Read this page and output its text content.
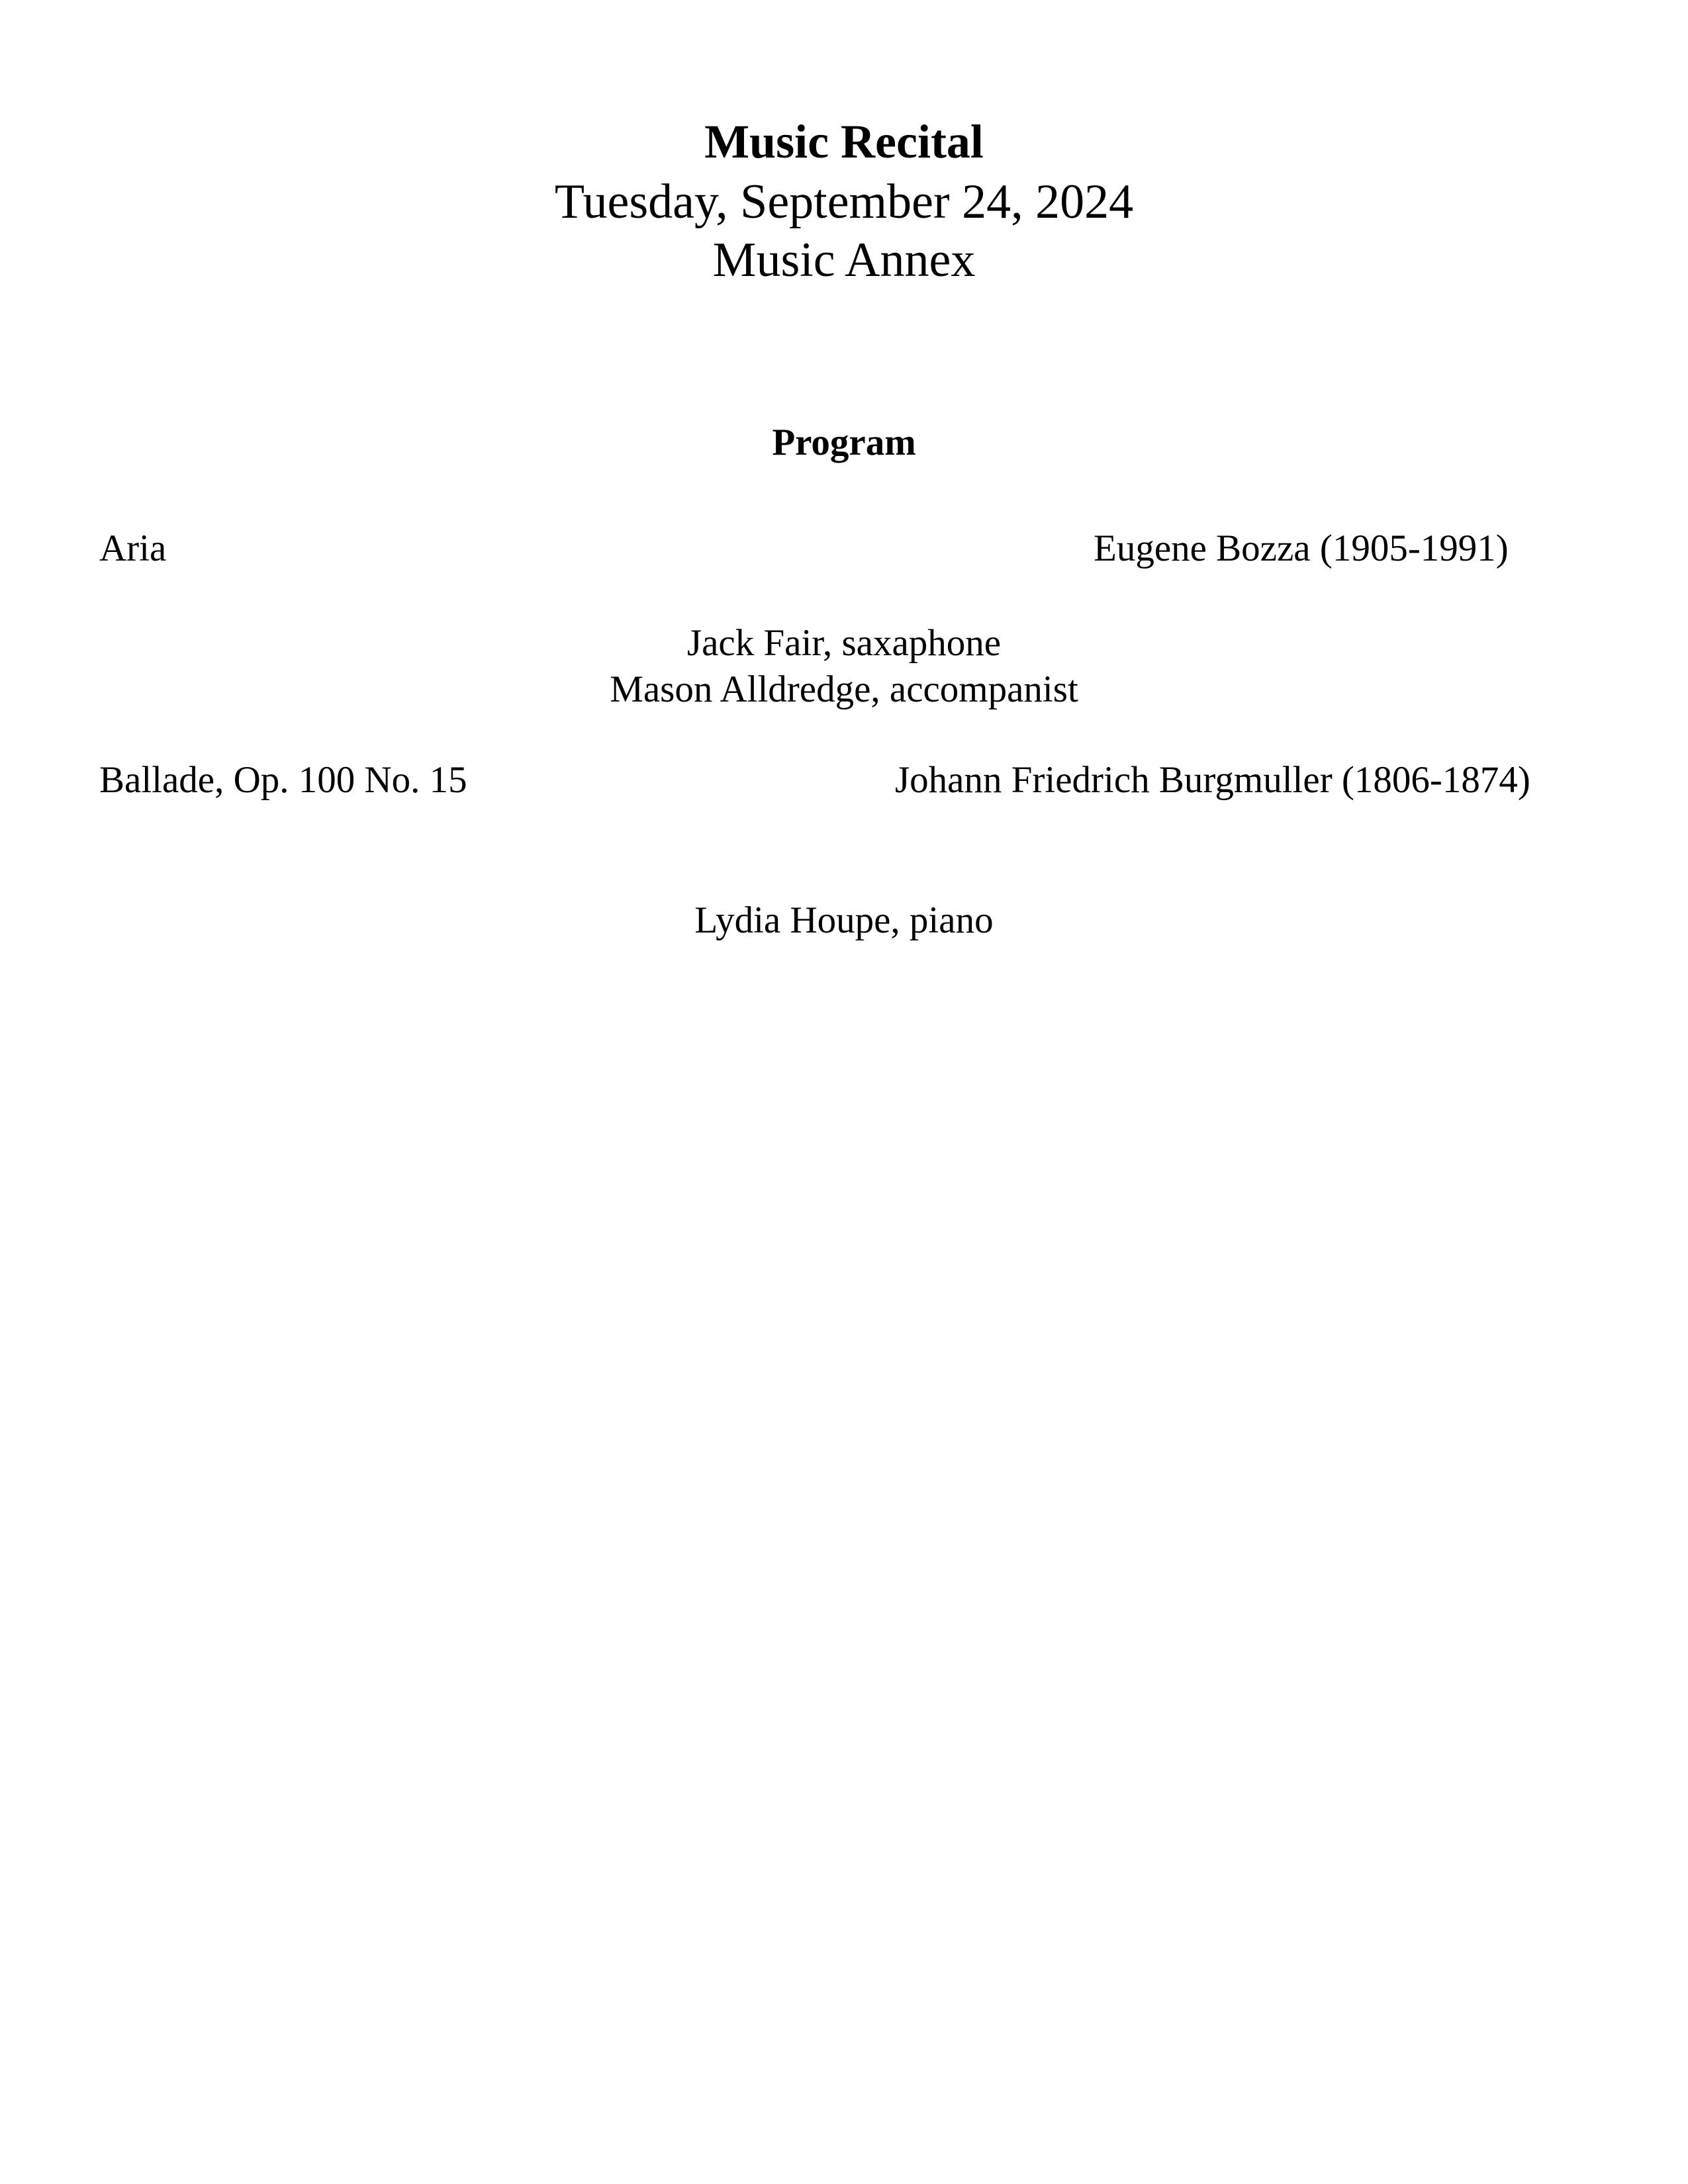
Music Recital
Tuesday, September 24, 2024
Music Annex
Program
Aria	Eugene Bozza (1905-1991)
Jack Fair, saxaphone
Mason Alldredge, accompanist
Ballade, Op. 100 No. 15	Johann Friedrich Burgmuller (1806-1874)
Lydia Houpe, piano
